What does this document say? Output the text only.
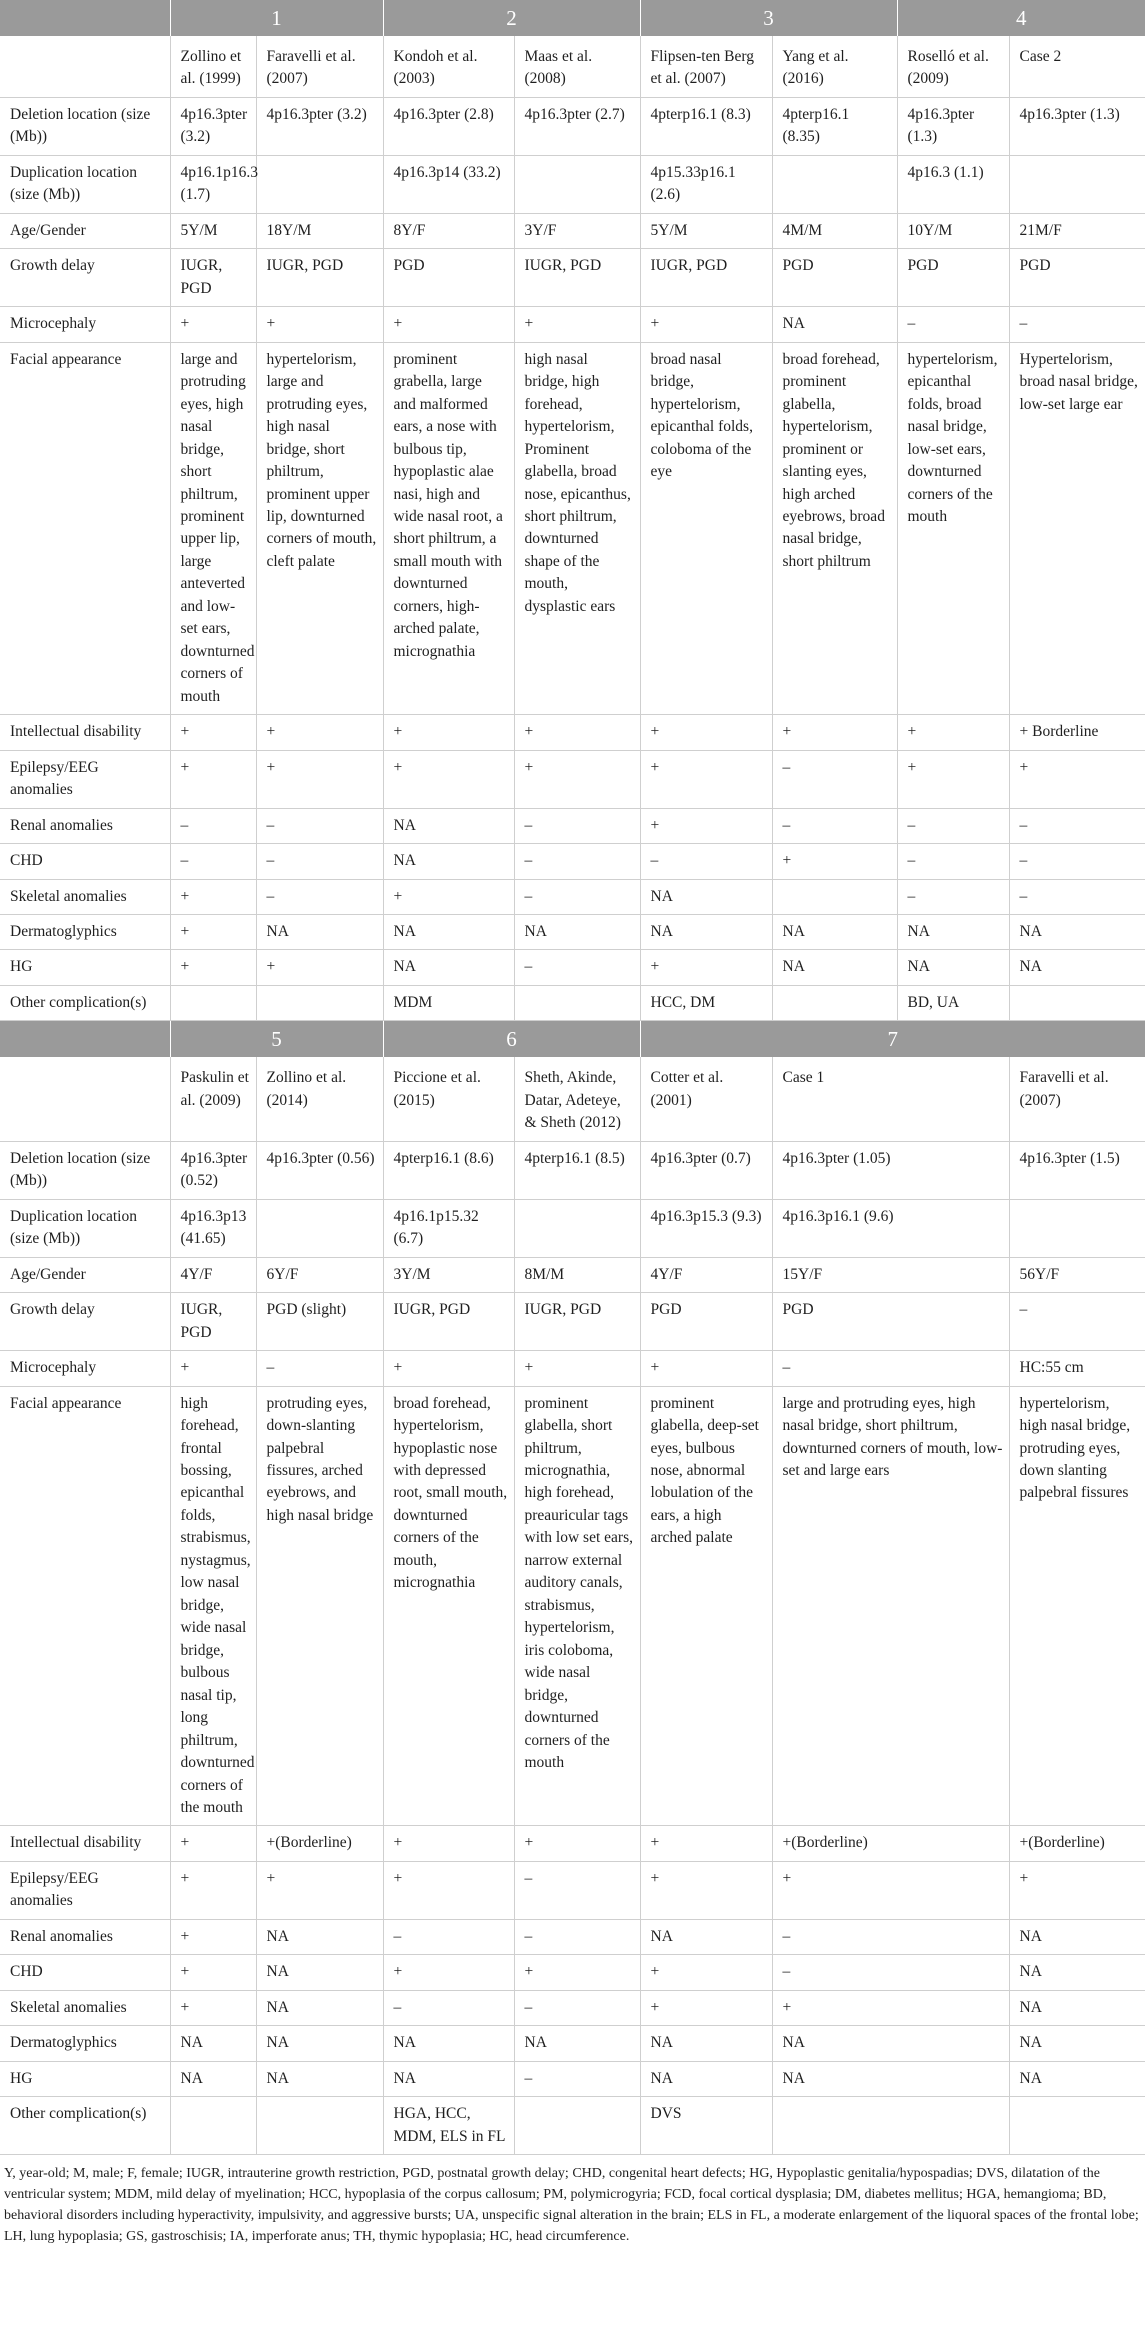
	1		2		3		4	
	Zollino et al. (1999)	Faravelli et al. (2007)	Kondoh et al. (2003)	Maas et al. (2008)	Flipsen-ten Berg et al. (2007)	Yang et al. (2016)	Roselló et al. (2009)	Case 2
Deletion location (size (Mb))	4p16.3pter (3.2)	4p16.3pter (3.2)	4p16.3pter (2.8)	4p16.3pter (2.7)	4pterp16.1 (8.3)	4pterp16.1 (8.35)	4p16.3pter (1.3)	4p16.3pter (1.3)
Duplication location (size (Mb))	4p16.1p16.3 (1.7)		4p16.3p14 (33.2)		4p15.33p16.1 (2.6)		4p16.3 (1.1)	
Age/Gender	5Y/M	18Y/M	8Y/F	3Y/F	5Y/M	4M/M	10Y/M	21M/F
Growth delay	IUGR, PGD	IUGR, PGD	PGD	IUGR, PGD	IUGR, PGD	PGD	PGD	PGD
Microcephaly	+	+	+	+	+	NA	–	–
Facial appearance	large and protruding eyes, high nasal bridge, short philtrum, prominent upper lip, large anteverted and low-set ears, downturned corners of mouth	hypertelorism, large and protruding eyes, high nasal bridge, short philtrum, prominent upper lip, downturned corners of mouth, cleft palate	prominent grabella, large and malformed ears, a nose with bulbous tip, hypoplastic alae nasi, high and wide nasal root, a short philtrum, a small mouth with downturned corners, high-arched palate, micrognathia	high nasal bridge, high forehead, hypertelorism, Prominent glabella, broad nose, epicanthus, short philtrum, downturned shape of the mouth, dysplastic ears	broad nasal bridge, hypertelorism, epicanthal folds, coloboma of the eye	broad forehead, prominent glabella, hypertelorism, prominent or slanting eyes, high arched eyebrows, broad nasal bridge, short philtrum	hypertelorism, epicanthal folds, broad nasal bridge, low-set ears, downturned corners of the mouth	Hypertelorism, broad nasal bridge, low-set large ear
Intellectual disability	+	+	+	+	+	+	+	+ Borderline
Epilepsy/EEG anomalies	+	+	+	+	+	–	+	+
Renal anomalies	–	–	NA	–	+	–	–	–
CHD	–	–	NA	–	–	+	–	–
Skeletal anomalies	+	–	+	–	NA		–	–
Dermatoglyphics	+	NA	NA	NA	NA	NA	NA	NA
HG	+	+	NA	–	+	NA	NA	NA
Other complication(s)			MDM		HCC, DM		BD, UA	
	5		6		7		
	Paskulin et al. (2009)	Zollino et al. (2014)	Piccione et al. (2015)	Sheth, Akinde, Datar, Adeteye, & Sheth (2012)	Cotter et al. (2001)	Case 1	Faravelli et al. (2007)
Deletion location (size (Mb))	4p16.3pter (0.52)	4p16.3pter (0.56)	4pterp16.1 (8.6)	4pterp16.1 (8.5)	4p16.3pter (0.7)	4p16.3pter (1.05)	4p16.3pter (1.5)
Duplication location (size (Mb))	4p16.3p13 (41.65)		4p16.1p15.32 (6.7)		4p16.3p15.3 (9.3)	4p16.3p16.1 (9.6)	
Age/Gender	4Y/F	6Y/F	3Y/M	8M/M	4Y/F	15Y/F	56Y/F
Growth delay	IUGR, PGD	PGD (slight)	IUGR, PGD	IUGR, PGD	PGD	PGD	–
Microcephaly	+	–	+	+	+	–	HC:55 cm
Facial appearance	high forehead, frontal bossing, epicanthal folds, strabismus, nystagmus, low nasal bridge, wide nasal bridge, bulbous nasal tip, long philtrum, downturned corners of the mouth	protruding eyes, down-slanting palpebral fissures, arched eyebrows, and high nasal bridge	broad forehead, hypertelorism, hypoplastic nose with depressed root, small mouth, downturned corners of the mouth, micrognathia	prominent glabella, short philtrum, micrognathia, high forehead, preauricular tags with low set ears, narrow external auditory canals, strabismus, hypertelorism, iris coloboma, wide nasal bridge, downturned corners of the mouth	prominent glabella, deep-set eyes, bulbous nose, abnormal lobulation of the ears, a high arched palate	large and protruding eyes, high nasal bridge, short philtrum, downturned corners of mouth, low-set and large ears	hypertelorism, high nasal bridge, protruding eyes, down slanting palpebral fissures
Intellectual disability	+	+(Borderline)	+	+	+	+(Borderline)	+(Borderline)
Epilepsy/EEG anomalies	+	+	+	–	+	+	+
Renal anomalies	+	NA	–	–	NA	–	NA
CHD	+	NA	+	+	+	–	NA
Skeletal anomalies	+	NA	–	–	+	+	NA
Dermatoglyphics	NA	NA	NA	NA	NA	NA	NA
HG	NA	NA	NA	–	NA	NA	NA
Other complication(s)			HGA, HCC, MDM, ELS in FL		DVS		

Y, year-old; M, male; F, female; IUGR, intrauterine growth restriction, PGD, postnatal growth delay; CHD, congenital heart defects; HG, Hypoplastic genitalia/hypospadias; DVS, dilatation of the ventricular system; MDM, mild delay of myelination; HCC, hypoplasia of the corpus callosum; PM, polymicrogyria; FCD, focal cortical dysplasia; DM, diabetes mellitus; HGA, hemangioma; BD, behavioral disorders including hyperactivity, impulsivity, and aggressive bursts; UA, unspecific signal alteration in the brain; ELS in FL, a moderate enlargement of the liquoral spaces of the frontal lobe; LH, lung hypoplasia; GS, gastroschisis; IA, imperforate anus; TH, thymic hypoplasia; HC, head circumference.
